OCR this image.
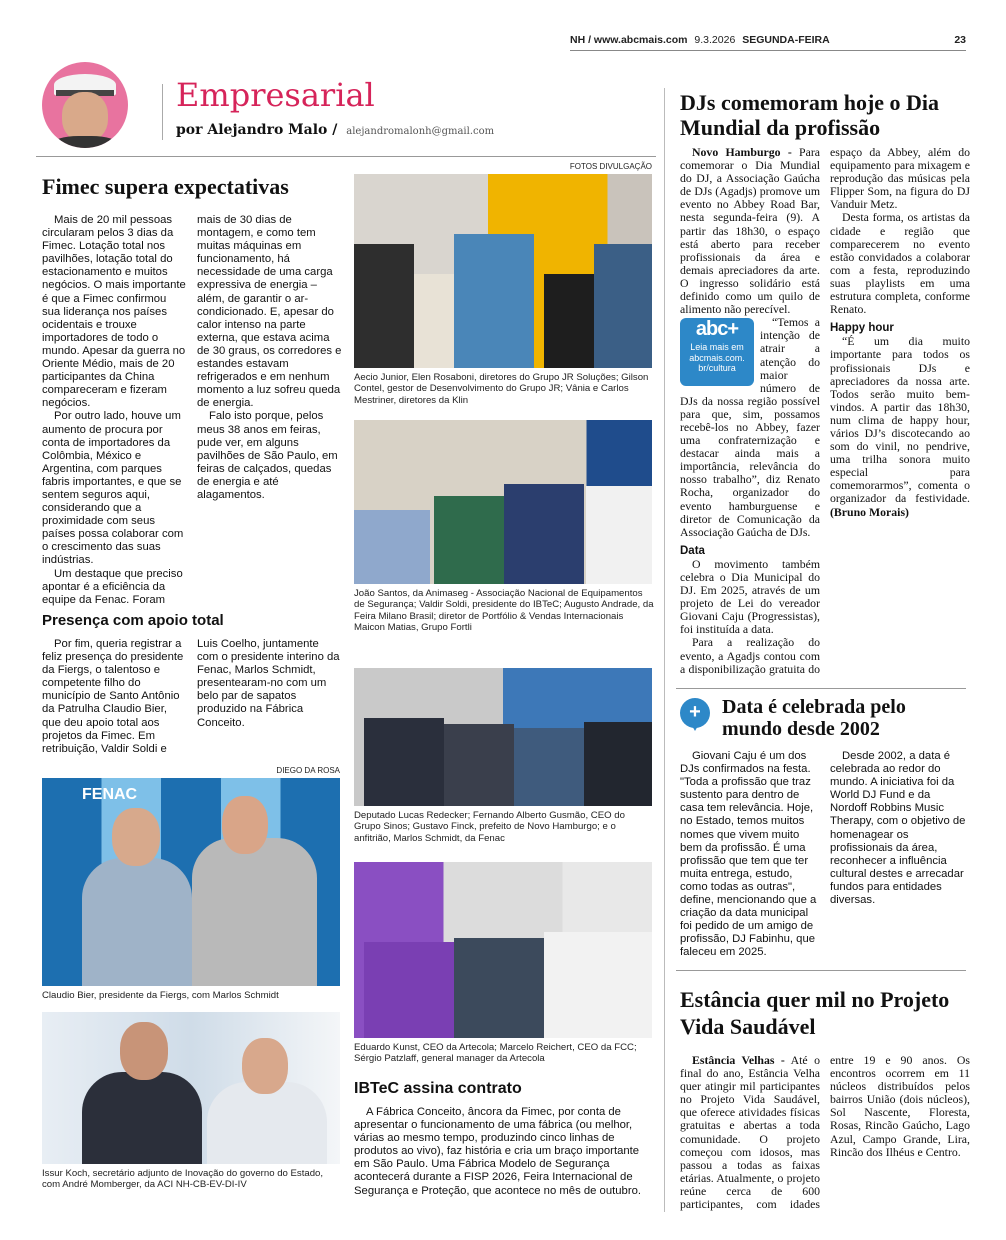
NH / www.abcmais.com 9.3.2026 SEGUNDA-FEIRA	23
Empresarial
por Alejandro Malo / alejandromalonh@gmail.com
Fimec supera expectativas

Mais de 20 mil pessoas circularam pelos 3 dias da Fimec. Lotação total nos pavilhões, lotação total do estacionamento e muitos negócios. O mais importante é que a Fimec confirmou sua liderança nos países ocidentais e trouxe importadores de todo o mundo. Apesar da guerra no Oriente Médio, mais de 20 participantes da China compareceram e fizeram negócios.

Por outro lado, houve um aumento de procura por conta de importadores da Colômbia, México e Argentina, com parques fabris importantes, e que se sentem seguros aqui, considerando que a proximidade com seus países possa colaborar com o crescimento das suas indústrias.

Um destaque que preciso apontar é a eficiência da equipe da Fenac. Foram mais de 30 dias de montagem, e como tem muitas máquinas em funcionamento, há necessidade de uma carga expressiva de energia – além, de garantir o ar-condicionado. E, apesar do calor intenso na parte externa, que estava acima de 30 graus, os corredores e estandes estavam refrigerados e em nenhum momento a luz sofreu queda de energia.

Falo isto porque, pelos meus 38 anos em feiras, pude ver, em alguns pavilhões de São Paulo, em feiras de calçados, quedas de energia e até alagamentos.

Presença com apoio total

Por fim, queria registrar a feliz presença do presidente da Fiergs, o talentoso e competente filho do município de Santo Antônio da Patrulha Claudio Bier, que deu apoio total aos projetos da Fimec. Em retribuição, Valdir Soldi e Luis Coelho, juntamente com o presidente interino da Fenac, Marlos Schmidt, presentearam-no com um belo par de sapatos produzido na Fábrica Conceito.

DIEGO DA ROSA
FENAC
Claudio Bier, presidente da Fiergs, com Marlos Schmidt
Issur Koch, secretário adjunto de Inovação do governo do Estado, com André Momberger, da ACI NH-CB-EV-DI-IV
FOTOS DIVULGAÇÃO
Aecio Junior, Elen Rosaboni, diretores do Grupo JR Soluções; Gilson Contel, gestor de Desenvolvimento do Grupo JR; Vânia e Carlos Mestriner, diretores da Klin
João Santos, da Animaseg - Associação Nacional de Equipamentos de Segurança; Valdir Soldi, presidente do IBTeC; Augusto Andrade, da Feira Milano Brasil; diretor de Portfólio & Vendas Internacionais Maicon Matias, Grupo Fortli
Deputado Lucas Redecker; Fernando Alberto Gusmão, CEO do Grupo Sinos; Gustavo Finck, prefeito de Novo Hamburgo; e o anfitrião, Marlos Schmidt, da Fenac
Eduardo Kunst, CEO da Artecola; Marcelo Reichert, CEO da FCC; Sérgio Patzlaff, general manager da Artecola
IBTeC assina contrato

A Fábrica Conceito, âncora da Fimec, por conta de apresentar o funcionamento de uma fábrica (ou melhor, várias ao mesmo tempo, produzindo cinco linhas de produtos ao vivo), faz história e cria um braço importante em São Paulo. Uma Fábrica Modelo de Segurança acontecerá durante a FISP 2026, Feira Internacional de Segurança e Proteção, que acontece no mês de outubro.

DJs comemoram hoje o Dia Mundial da profissão

Novo Hamburgo - Para comemorar o Dia Mundial do DJ, a Associação Gaúcha de DJs (Agadjs) promove um evento no Abbey Road Bar, nesta segunda-feira (9). A partir das 18h30, o espaço está aberto para receber profissionais da área e demais apreciadores da arte. O ingresso solidário está definido como um quilo de alimento não perecível.

abc+
Leia mais em
abcmais.com.
br/cultura

“Temos a intenção de atrair a atenção do maior número de DJs da nossa região possível para que, sim, possamos recebê-los no Abbey, fazer uma confraternização e destacar ainda mais a importância, relevância do nosso trabalho”, diz Renato Rocha, organizador do evento hamburguense e diretor de Comunicação da Associação Gaúcha de DJs.

Data

O movimento também celebra o Dia Municipal do DJ. Em 2025, através de um projeto de Lei do vereador Giovani Caju (Progressistas), foi instituída a data.

Para a realização do evento, a Agadjs contou com a disponibilização gratuita do espaço da Abbey, além do equipamento para mixagem e reprodução das músicas pela Flipper Som, na figura do DJ Vanduir Metz.

Desta forma, os artistas da cidade e região que comparecerem no evento estão convidados a colaborar com a festa, reproduzindo suas playlists em uma estrutura completa, conforme Renato.

Happy hour

“É um dia muito importante para todos os profissionais DJs e apreciadores da nossa arte. Todos serão muito bem-vindos. A partir das 18h30, num clima de happy hour, vários DJ’s discotecando ao som do vinil, no pendrive, uma trilha sonora muito especial para comemorarmos”, comenta o organizador da festividade. (Bruno Morais)

+	Data é celebrada pelo mundo desde 2002

Giovani Caju é um dos DJs confirmados na festa. "Toda a profissão que traz sustento para dentro de casa tem relevância. Hoje, no Estado, temos muitos nomes que vivem muito bem da profissão. É uma profissão que tem que ter muita entrega, estudo, como todas as outras", define, mencionando que a criação da data municipal foi pedido de um amigo de profissão, DJ Fabinhu, que faleceu em 2025.

Desde 2002, a data é celebrada ao redor do mundo. A iniciativa foi da World DJ Fund e da Nordoff Robbins Music Therapy, com o objetivo de homenagear os profissionais da área, reconhecer a influência cultural destes e arrecadar fundos para entidades diversas.

Estância quer mil no Projeto Vida Saudável

Estância Velhas - Até o final do ano, Estância Velha quer atingir mil participantes no Projeto Vida Saudável, que oferece atividades físicas gratuitas e abertas a toda comunidade. O projeto começou com idosos, mas passou a todas as faixas etárias. Atualmente, o projeto reúne cerca de 600 participantes, com idades entre 19 e 90 anos. Os encontros ocorrem em 11 núcleos distribuídos pelos bairros União (dois núcleos), Sol Nascente, Floresta, Rosas, Rincão Gaúcho, Lago Azul, Campo Grande, Lira, Rincão dos Ilhéus e Centro.
